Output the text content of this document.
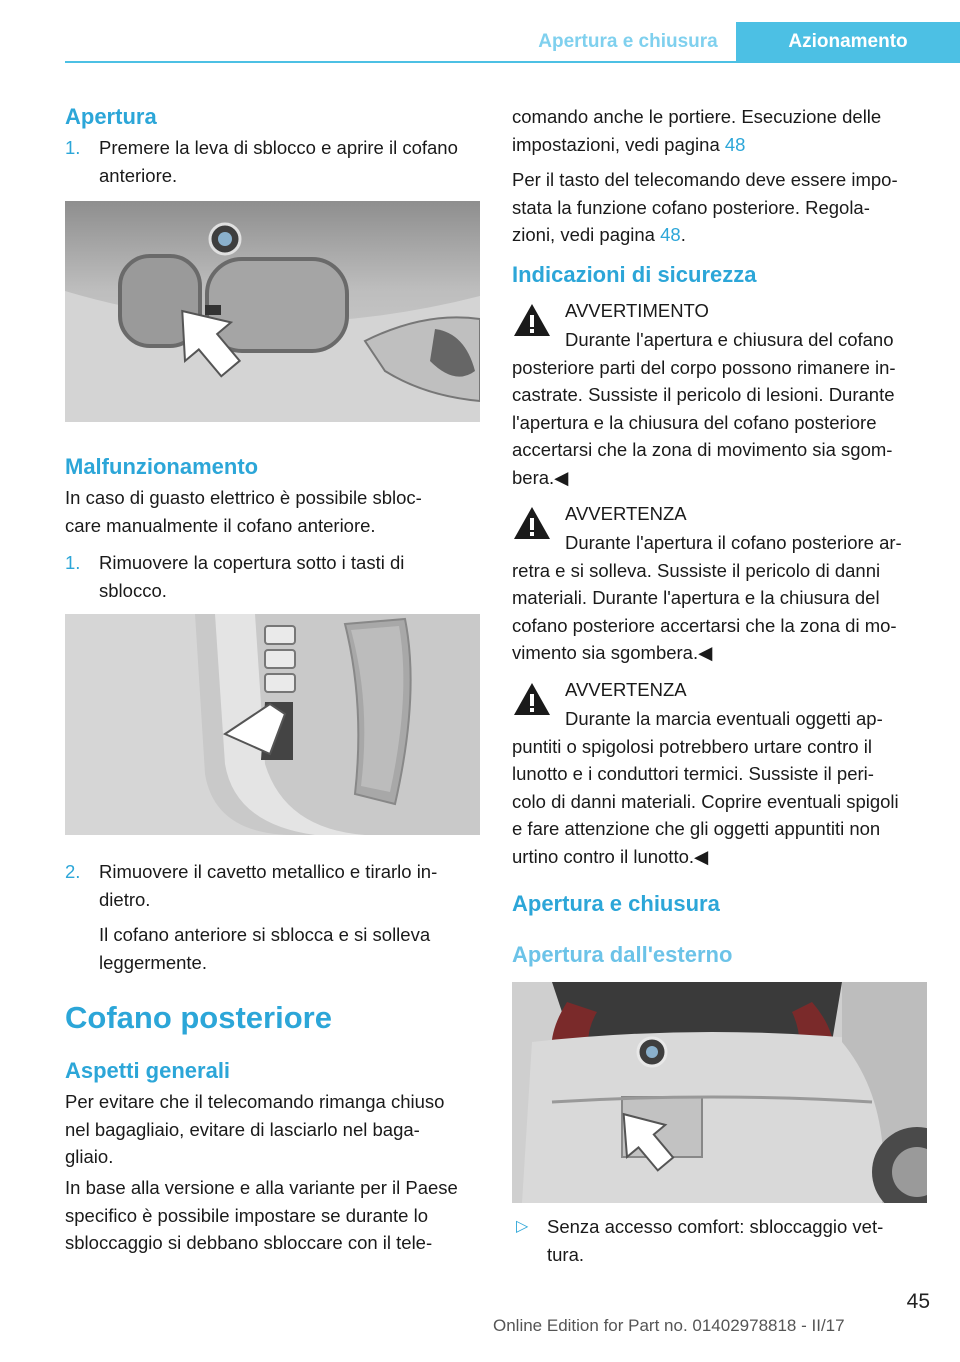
Apertura e chiusura	Azionamento
Apertura
1. Premere la leva di sblocco e aprire il cofano
anteriore.
Malfunzionamento
In caso di guasto elettrico è possibile sbloc‐
care manualmente il cofano anteriore.
1. Rimuovere la copertura sotto i tasti di
sblocco.
2. Rimuovere il cavetto metallico e tirarlo in‐
dietro.
Il cofano anteriore si sblocca e si solleva
leggermente.
Cofano posteriore
Aspetti generali
Per evitare che il telecomando rimanga chiuso
nel bagagliaio, evitare di lasciarlo nel baga‐
gliaio.
In base alla versione e alla variante per il Paese
specifico è possibile impostare se durante lo
sbloccaggio si debbano sbloccare con il tele‐
comando anche le portiere. Esecuzione delle
impostazioni, vedi pagina 48
Per il tasto del telecomando deve essere impo‐
stata la funzione cofano posteriore. Regola‐
zioni, vedi pagina 48.
Indicazioni di sicurezza
AVVERTIMENTO
Durante l'apertura e chiusura del cofano
posteriore parti del corpo possono rimanere in‐
castrate. Sussiste il pericolo di lesioni. Durante
l'apertura e la chiusura del cofano posteriore
accertarsi che la zona di movimento sia sgom‐
bera.◀
AVVERTENZA
Durante l'apertura il cofano posteriore ar‐
retra e si solleva. Sussiste il pericolo di danni
materiali. Durante l'apertura e la chiusura del
cofano posteriore accertarsi che la zona di mo‐
vimento sia sgombera.◀
AVVERTENZA
Durante la marcia eventuali oggetti ap‐
puntiti o spigolosi potrebbero urtare contro il
lunotto e i conduttori termici. Sussiste il peri‐
colo di danni materiali. Coprire eventuali spigoli
e fare attenzione che gli oggetti appuntiti non
urtino contro il lunotto.◀
Apertura e chiusura
Apertura dall'esterno
▷ Senza accesso comfort: sbloccaggio vet‐
tura.
45
Online Edition for Part no. 01402978818 - II/17
